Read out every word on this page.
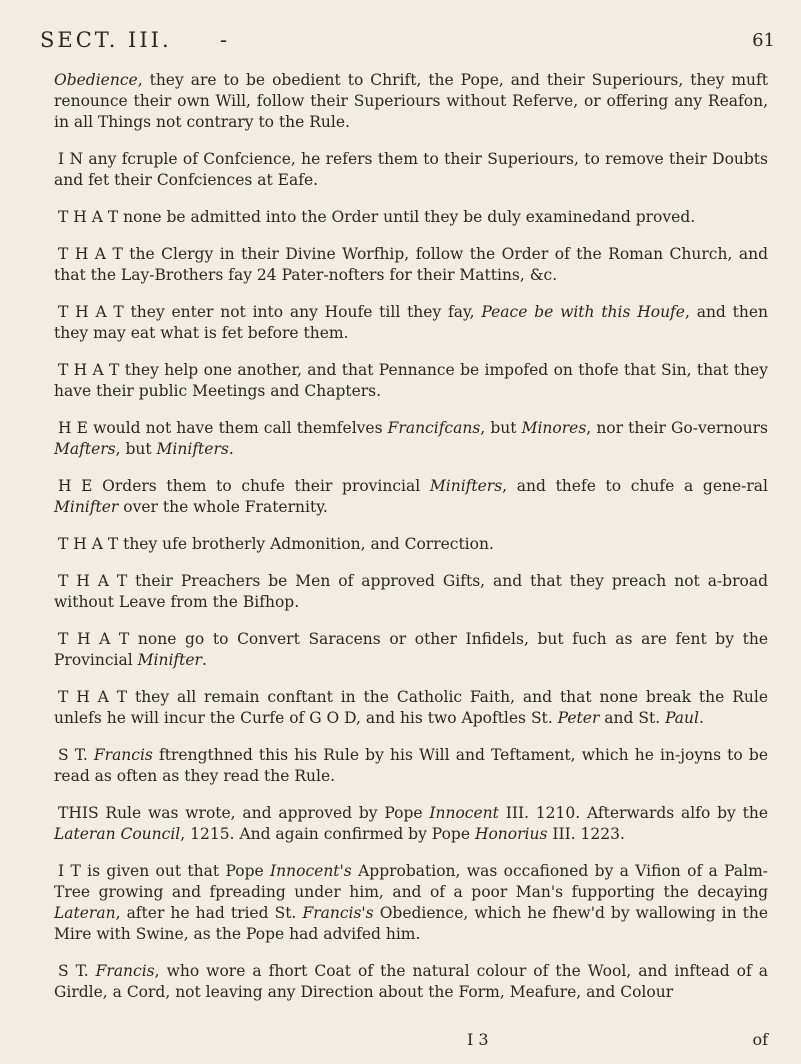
SECT. III. -	61

Obedience, they are to be obedient to Chrift, the Pope, and their Superiours, they muft renounce their own Will, follow their Superiours without Referve, or offering any Reafon, in all Things not contrary to the Rule.

I N any fcruple of Confcience, he refers them to their Superiours, to remove their Doubts and fet their Confciences at Eafe.

T H A T none be admitted into the Order until they be duly examinedand proved.

T H A T the Clergy in their Divine Worfhip, follow the Order of the Roman Church, and that the Lay-Brothers fay 24 Pater-nofters for their Mattins, &c.

T H A T they enter not into any Houfe till they fay, Peace be with this Houfe, and then they may eat what is fet before them.

T H A T they help one another, and that Pennance be impofed on thofe that Sin, that they have their public Meetings and Chapters.

H E would not have them call themfelves Francifcans, but Minores, nor their Go-vernours Mafters, but Minifters.

H E Orders them to chufe their provincial Minifters, and thefe to chufe a gene-ral Minifter over the whole Fraternity.

T H A T they ufe brotherly Admonition, and Correction.

T H A T their Preachers be Men of approved Gifts, and that they preach not a-broad without Leave from the Bifhop.

T H A T none go to Convert Saracens or other Infidels, but fuch as are fent by the Provincial Minifter.

T H A T they all remain conftant in the Catholic Faith, and that none break the Rule unlefs he will incur the Curfe of G O D, and his two Apoftles St. Peter and St. Paul.

S T. Francis ftrengthned this his Rule by his Will and Teftament, which he in-joyns to be read as often as they read the Rule.

THIS Rule was wrote, and approved by Pope Innocent III. 1210. Afterwards alfo by the Lateran Council, 1215. And again confirmed by Pope Honorius III. 1223.

I T is given out that Pope Innocent's Approbation, was occafioned by a Vifion of a Palm-Tree growing and fpreading under him, and of a poor Man's fupporting the decaying Lateran, after he had tried St. Francis's Obedience, which he fhew'd by wallowing in the Mire with Swine, as the Pope had advifed him.

S T. Francis, who wore a fhort Coat of the natural colour of the Wool, and inftead of a Girdle, a Cord, not leaving any Direction about the Form, Meafure, and Colour

I 3	of
